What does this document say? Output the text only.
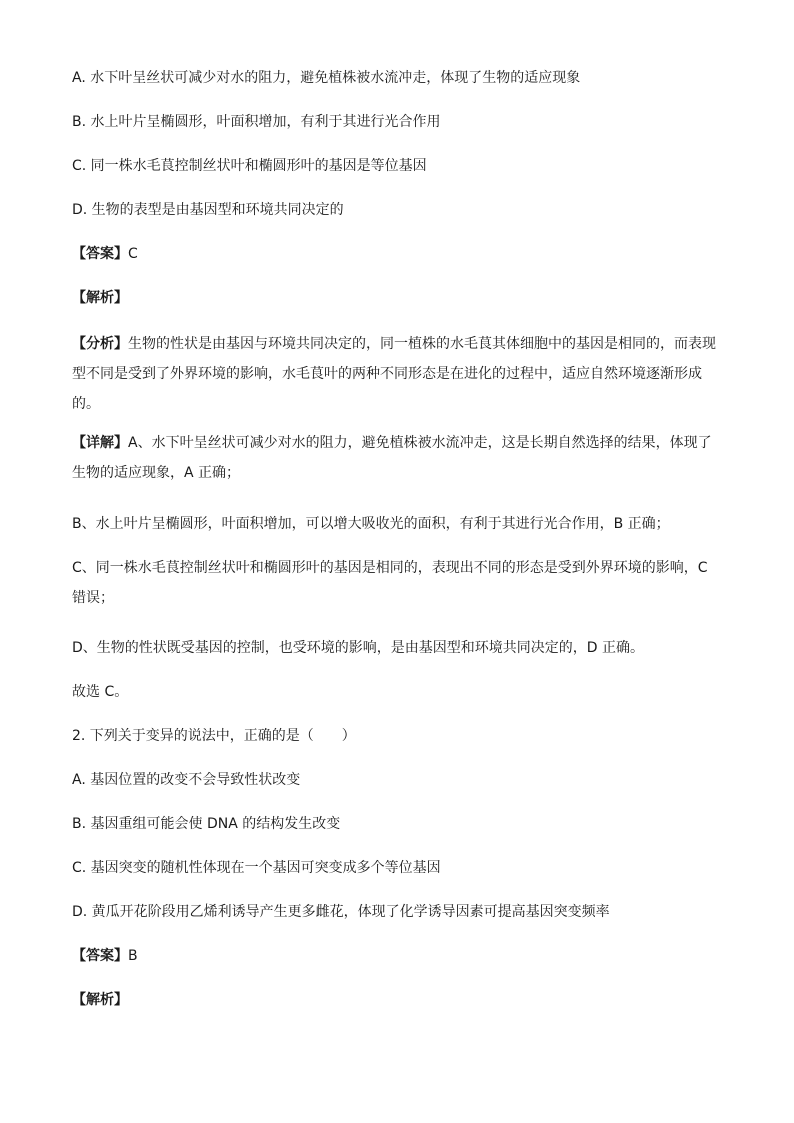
A. 水下叶呈丝状可减少对水的阻力，避免植株被水流冲走，体现了生物的适应现象

B. 水上叶片呈椭圆形，叶面积增加，有利于其进行光合作用

C. 同一株水毛茛控制丝状叶和椭圆形叶的基因是等位基因

D. 生物的表型是由基因型和环境共同决定的

【答案】C

【解析】

【分析】生物的性状是由基因与环境共同决定的，同一植株的水毛茛其体细胞中的基因是相同的，而表现型不同是受到了外界环境的影响，水毛茛叶的两种不同形态是在进化的过程中，适应自然环境逐渐形成的。

【详解】A、水下叶呈丝状可减少对水的阻力，避免植株被水流冲走，这是长期自然选择的结果，体现了生物的适应现象，A 正确；

B、水上叶片呈椭圆形，叶面积增加，可以增大吸收光的面积，有利于其进行光合作用，B 正确；

C、同一株水毛茛控制丝状叶和椭圆形叶的基因是相同的，表现出不同的形态是受到外界环境的影响，C 错误；

D、生物的性状既受基因的控制，也受环境的影响，是由基因型和环境共同决定的，D 正确。

故选 C。

2. 下列关于变异的说法中，正确的是（　　）

A. 基因位置的改变不会导致性状改变

B. 基因重组可能会使 DNA 的结构发生改变

C. 基因突变的随机性体现在一个基因可突变成多个等位基因

D. 黄瓜开花阶段用乙烯利诱导产生更多雌花，体现了化学诱导因素可提高基因突变频率

【答案】B

【解析】
